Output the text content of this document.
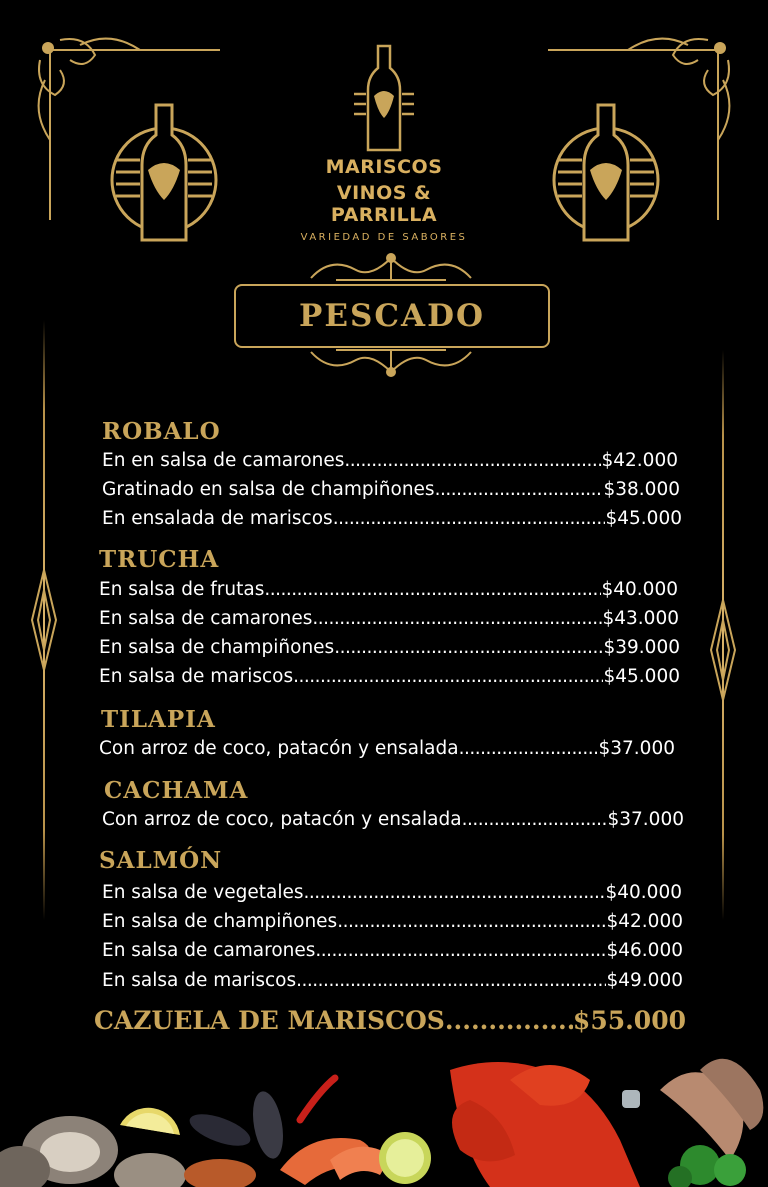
MARISCOS
VINOS & PARRILLA
VARIEDAD DE SABORES
PESCADO
ROBALO
En en salsa de camarones .....	$42.000
Gratinado en salsa de champiñones .....	$38.000
En ensalada de mariscos .....	$45.000
TRUCHA
En salsa de frutas .....	$40.000
En salsa de camarones .....	$43.000
En salsa de champiñones .....	$39.000
En salsa de mariscos .....	$45.000
TILAPIA
Con arroz de coco, patacón y ensalada .....	$37.000
CACHAMA
Con arroz de coco, patacón y ensalada .....	$37.000
SALMÓN
En salsa de vegetales .....	$40.000
En salsa de champiñones .....	$42.000
En salsa de camarones .....	$46.000
En salsa de mariscos .....	$49.000
CAZUELA DE MARISCOS .....	$55.000
